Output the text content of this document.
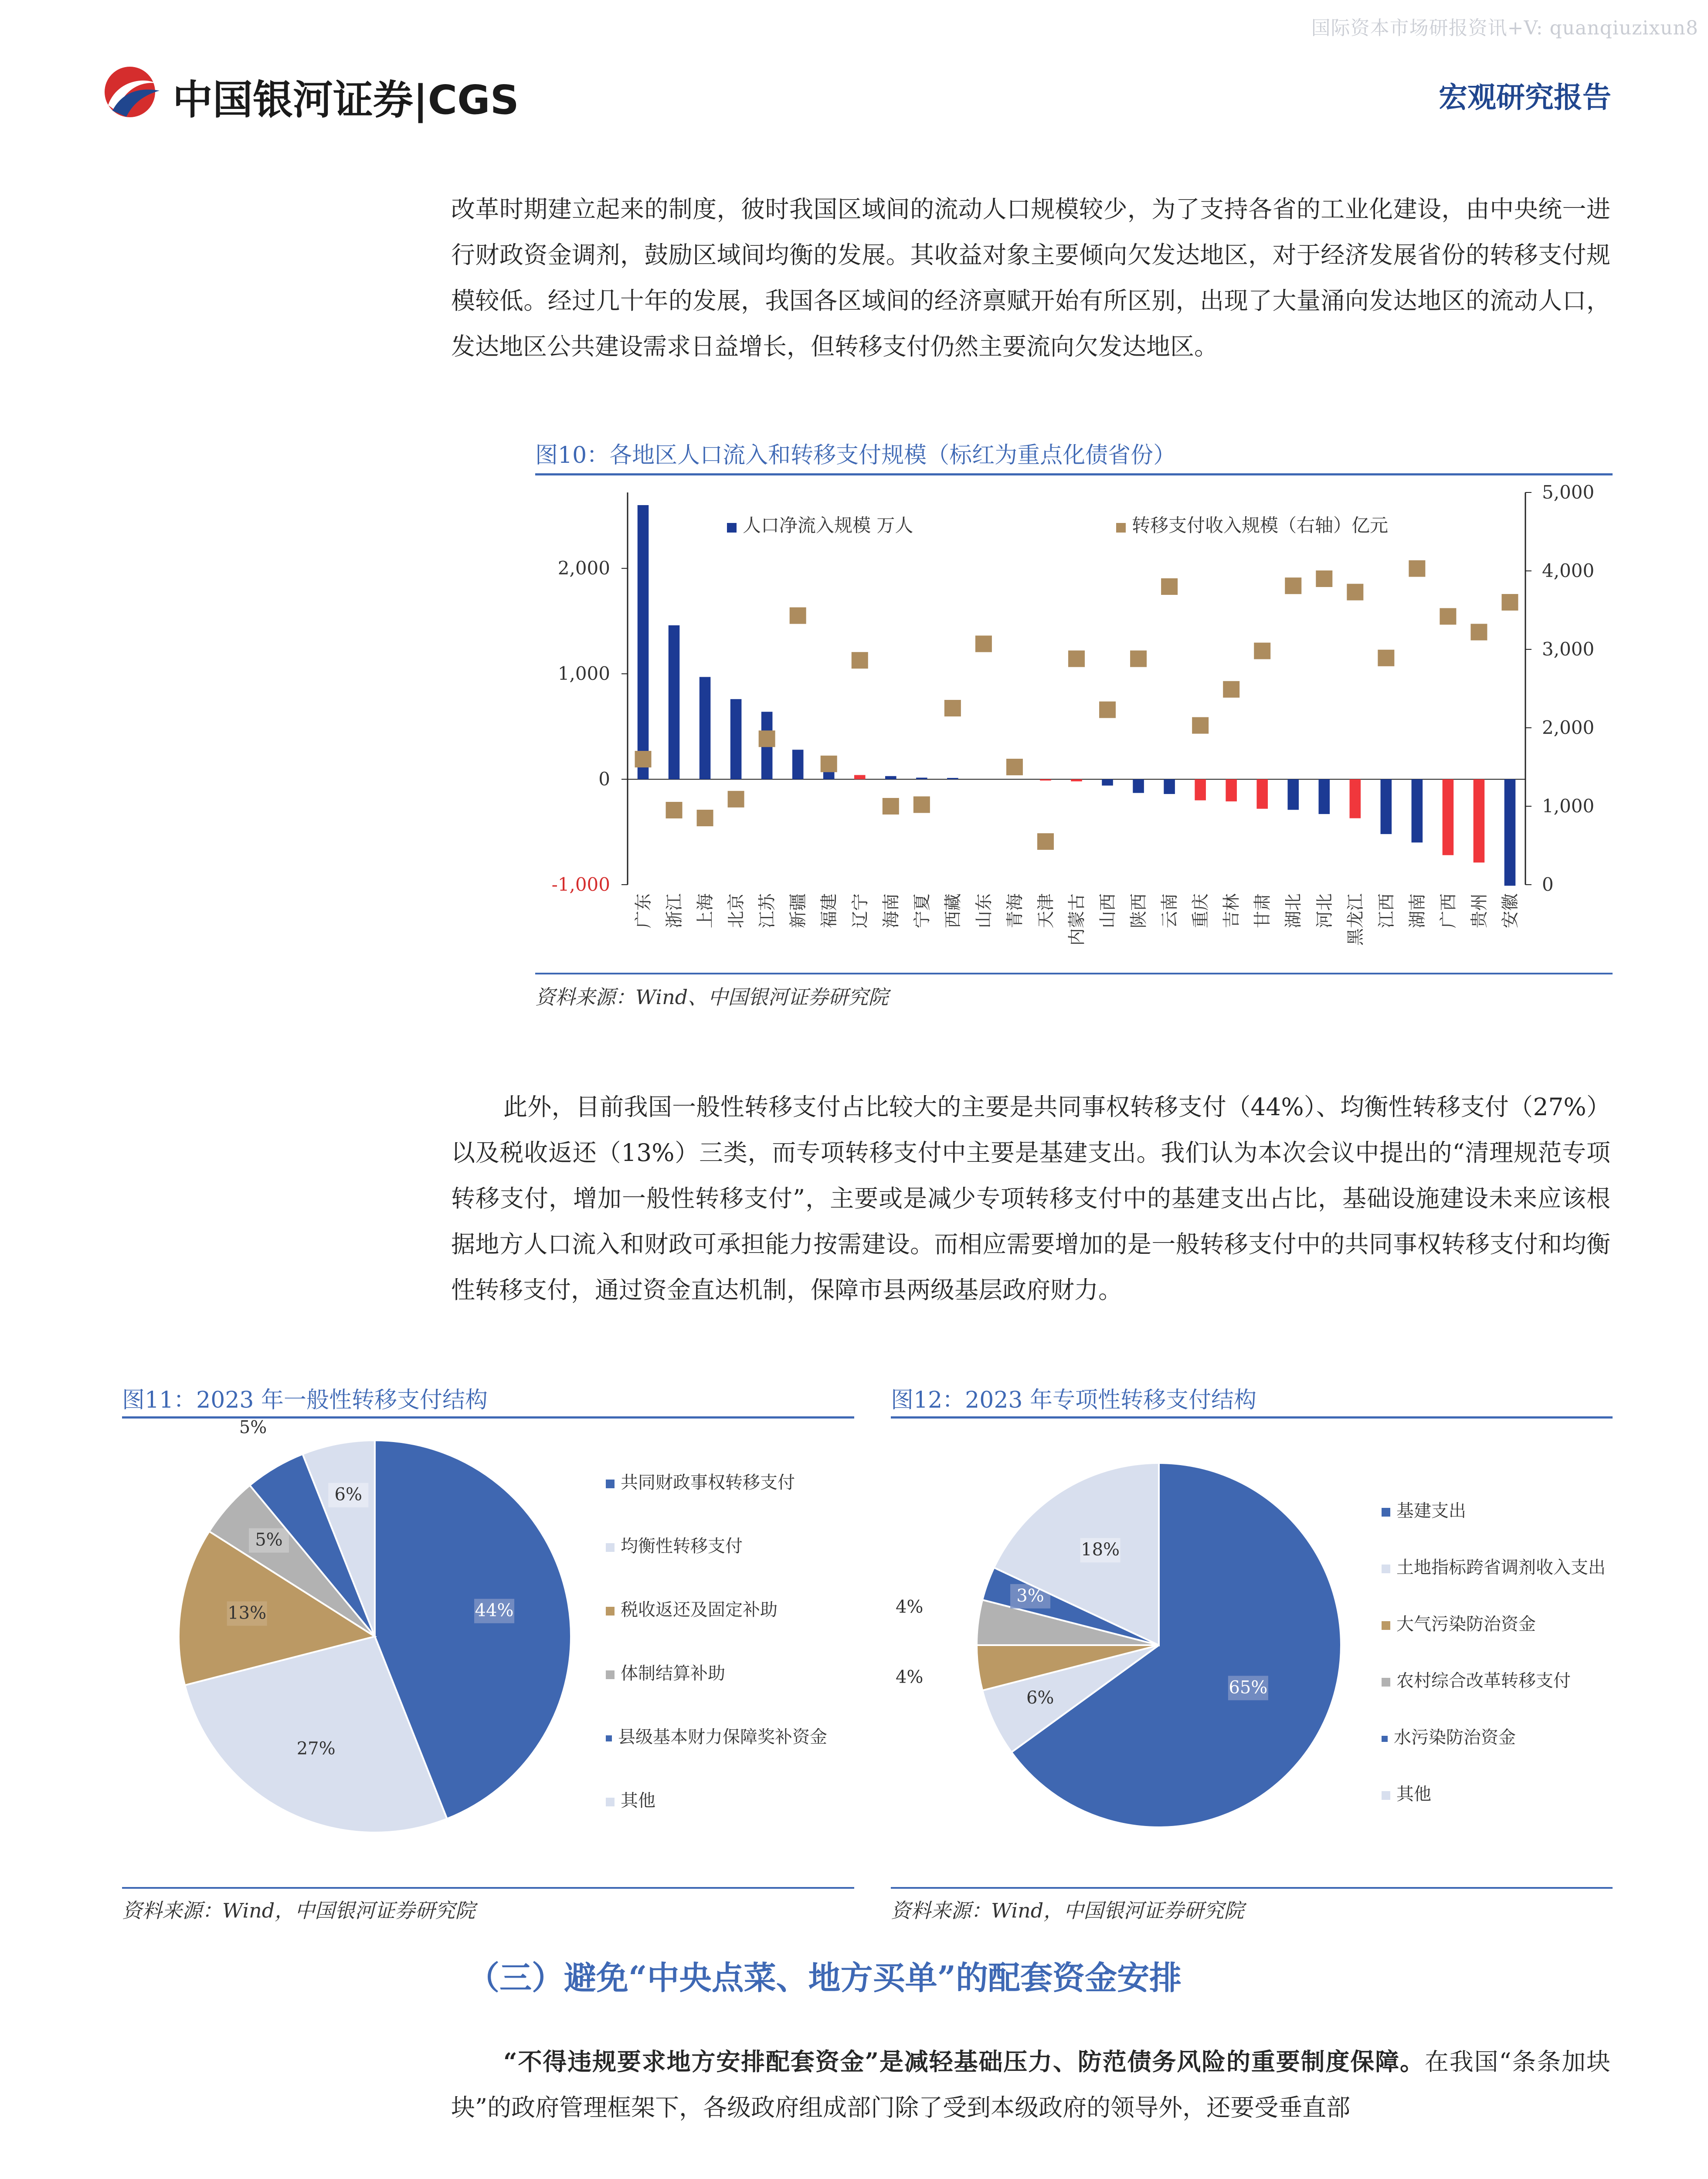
国际资本市场研报资讯+V: quanqiuzixun8
中国银河证券|CGS	宏观研究报告

改革时期建立起来的制度，彼时我国区域间的流动人口规模较少，为了支持各省的工业化建设，由中央统一进行财政资金调剂，鼓励区域间均衡的发展。其收益对象主要倾向欠发达地区，对于经济发展省份的转移支付规模较低。经过几十年的发展，我国各区域间的经济禀赋开始有所区别，出现了大量涌向发达地区的流动人口，发达地区公共建设需求日益增长，但转移支付仍然主要流向欠发达地区。

图10：各地区人口流入和转移支付规模（标红为重点化债省份）
2,000
1,000
0
-1,000
5,000
4,000
3,000
2,000
1,000
0
广东 浙江 上海 北京 江苏 新疆 福建 辽宁 海南 宁夏 西藏 山东 青海 天津 内蒙古 山西 陕西 云南 重庆 吉林 甘肃 湖北 河北 黑龙江 江西 湖南 广西 贵州 安徽
人口净流入规模 万人	转移支付收入规模（右轴）亿元
资料来源：Wind、中国银河证券研究院

此外，目前我国一般性转移支付占比较大的主要是共同事权转移支付（44%）、均衡性转移支付（27%）以及税收返还（13%）三类，而专项转移支付中主要是基建支出。我们认为本次会议中提出的“清理规范专项转移支付，增加一般性转移支付”，主要或是减少专项转移支付中的基建支出占比，基础设施建设未来应该根据地方人口流入和财政可承担能力按需建设。而相应需要增加的是一般转移支付中的共同事权转移支付和均衡性转移支付，通过资金直达机制，保障市县两级基层政府财力。

图11：2023 年一般性转移支付结构
44%
27%
13%
5%
5%
6%
共同财政事权转移支付
均衡性转移支付
税收返还及固定补助
体制结算补助
县级基本财力保障奖补资金
其他
资料来源：Wind，中国银河证券研究院
图12：2023 年专项性转移支付结构
65%
6%
4%
4%
3%
18%
基建支出
土地指标跨省调剂收入支出
大气污染防治资金
农村综合改革转移支付
水污染防治资金
其他
资料来源：Wind，中国银河证券研究院
（三）避免“中央点菜、地方买单”的配套资金安排

“不得违规要求地方安排配套资金”是减轻基础压力、防范债务风险的重要制度保障。在我国“条条加块块”的政府管理框架下，各级政府组成部门除了受到本级政府的领导外，还要受垂直部
